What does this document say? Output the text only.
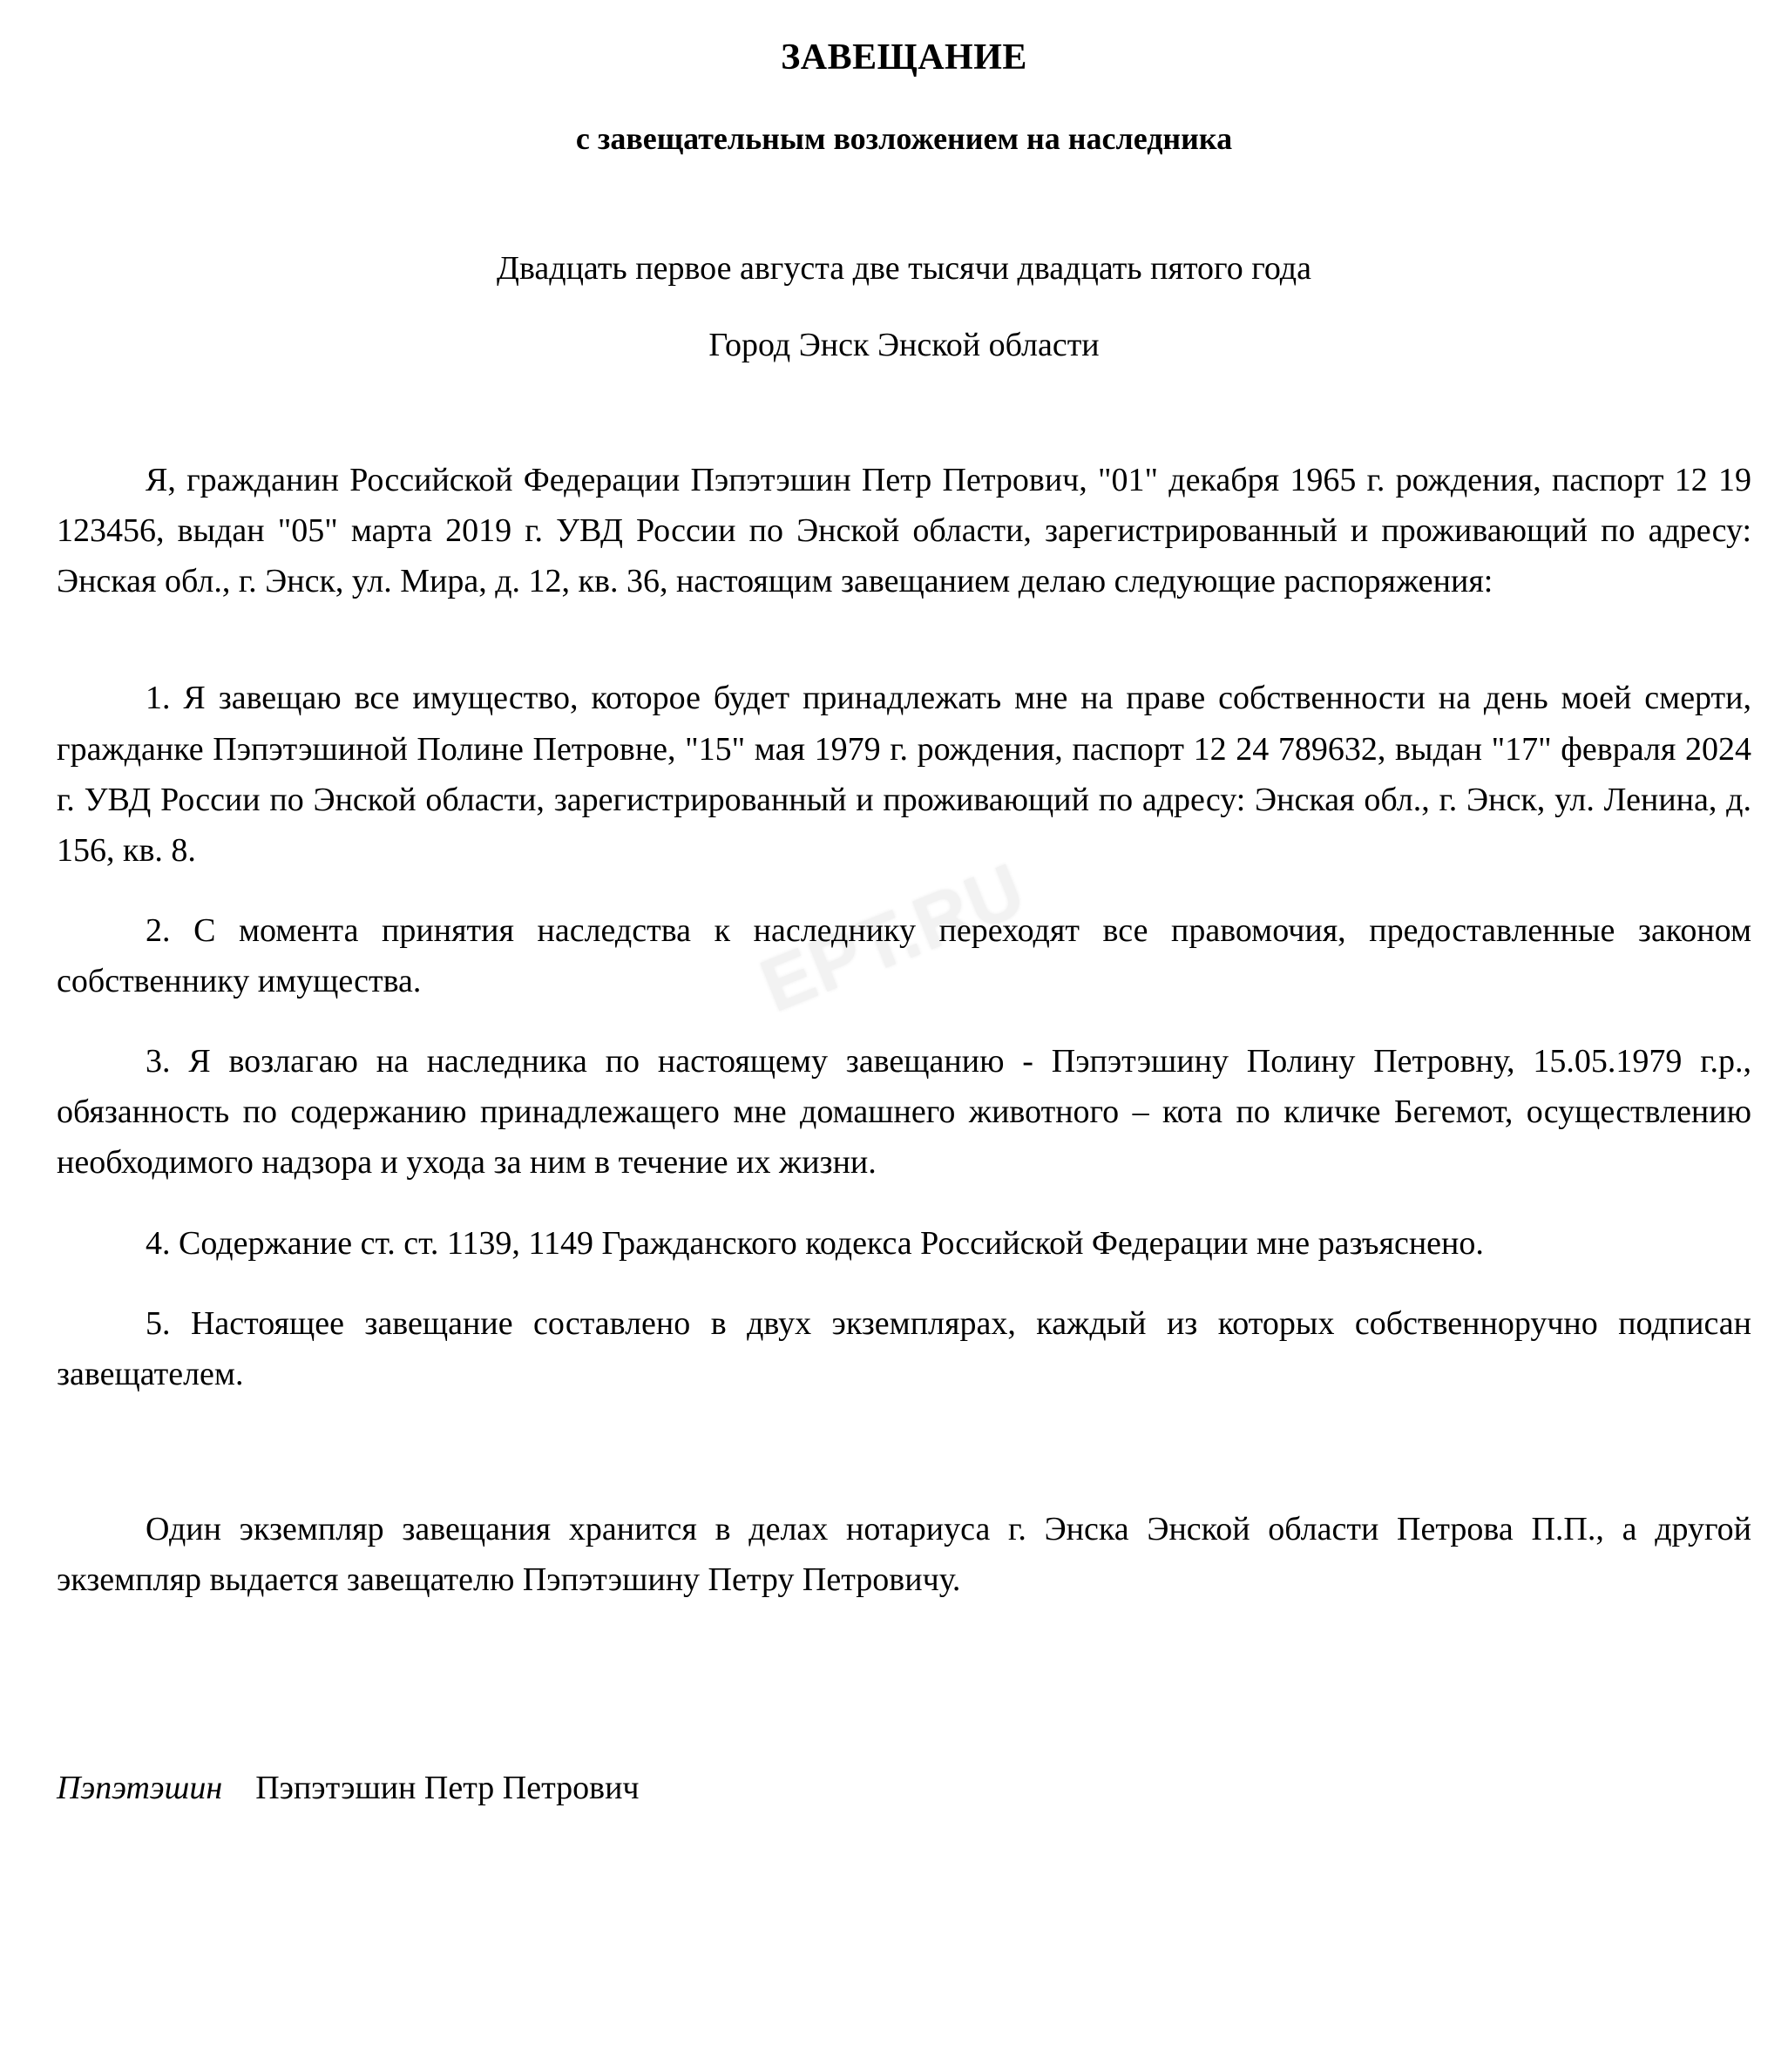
ЕРТ.RU
ЗАВЕЩАНИЕ
с завещательным возложением на наследника

Двадцать первое августа две тысячи двадцать пятого года

Город Энск Энской области

Я, гражданин Российской Федерации Пэпэтэшин Петр Петрович, "01" декабря 1965 г. рождения, паспорт 12 19 123456, выдан "05" марта 2019 г. УВД России по Энской области, зарегистрированный и проживающий по адресу: Энская обл., г. Энск, ул. Мира, д. 12, кв. 36, настоящим завещанием делаю следующие распоряжения:

1. Я завещаю все имущество, которое будет принадлежать мне на праве собственности на день моей смерти, гражданке Пэпэтэшиной Полине Петровне, "15" мая 1979 г. рождения, паспорт 12 24 789632, выдан "17" февраля 2024 г. УВД России по Энской области, зарегистрированный и проживающий по адресу: Энская обл., г. Энск, ул. Ленина, д. 156, кв. 8.

2. С момента принятия наследства к наследнику переходят все правомочия, предоставленные законом собственнику имущества.

3. Я возлагаю на наследника по настоящему завещанию - Пэпэтэшину Полину Петровну, 15.05.1979 г.р., обязанность по содержанию принадлежащего мне домашнего животного – кота по кличке Бегемот, осуществлению необходимого надзора и ухода за ним в течение их жизни.

4. Содержание ст. ст. 1139, 1149 Гражданского кодекса Российской Федерации мне разъяснено.

5. Настоящее завещание составлено в двух экземплярах, каждый из которых собственноручно подписан завещателем.

Один экземпляр завещания хранится в делах нотариуса г. Энска Энской области Петрова П.П., а другой экземпляр выдается завещателю Пэпэтэшину Петру Петровичу.

Пэпэтэшин Пэпэтэшин Петр Петрович
